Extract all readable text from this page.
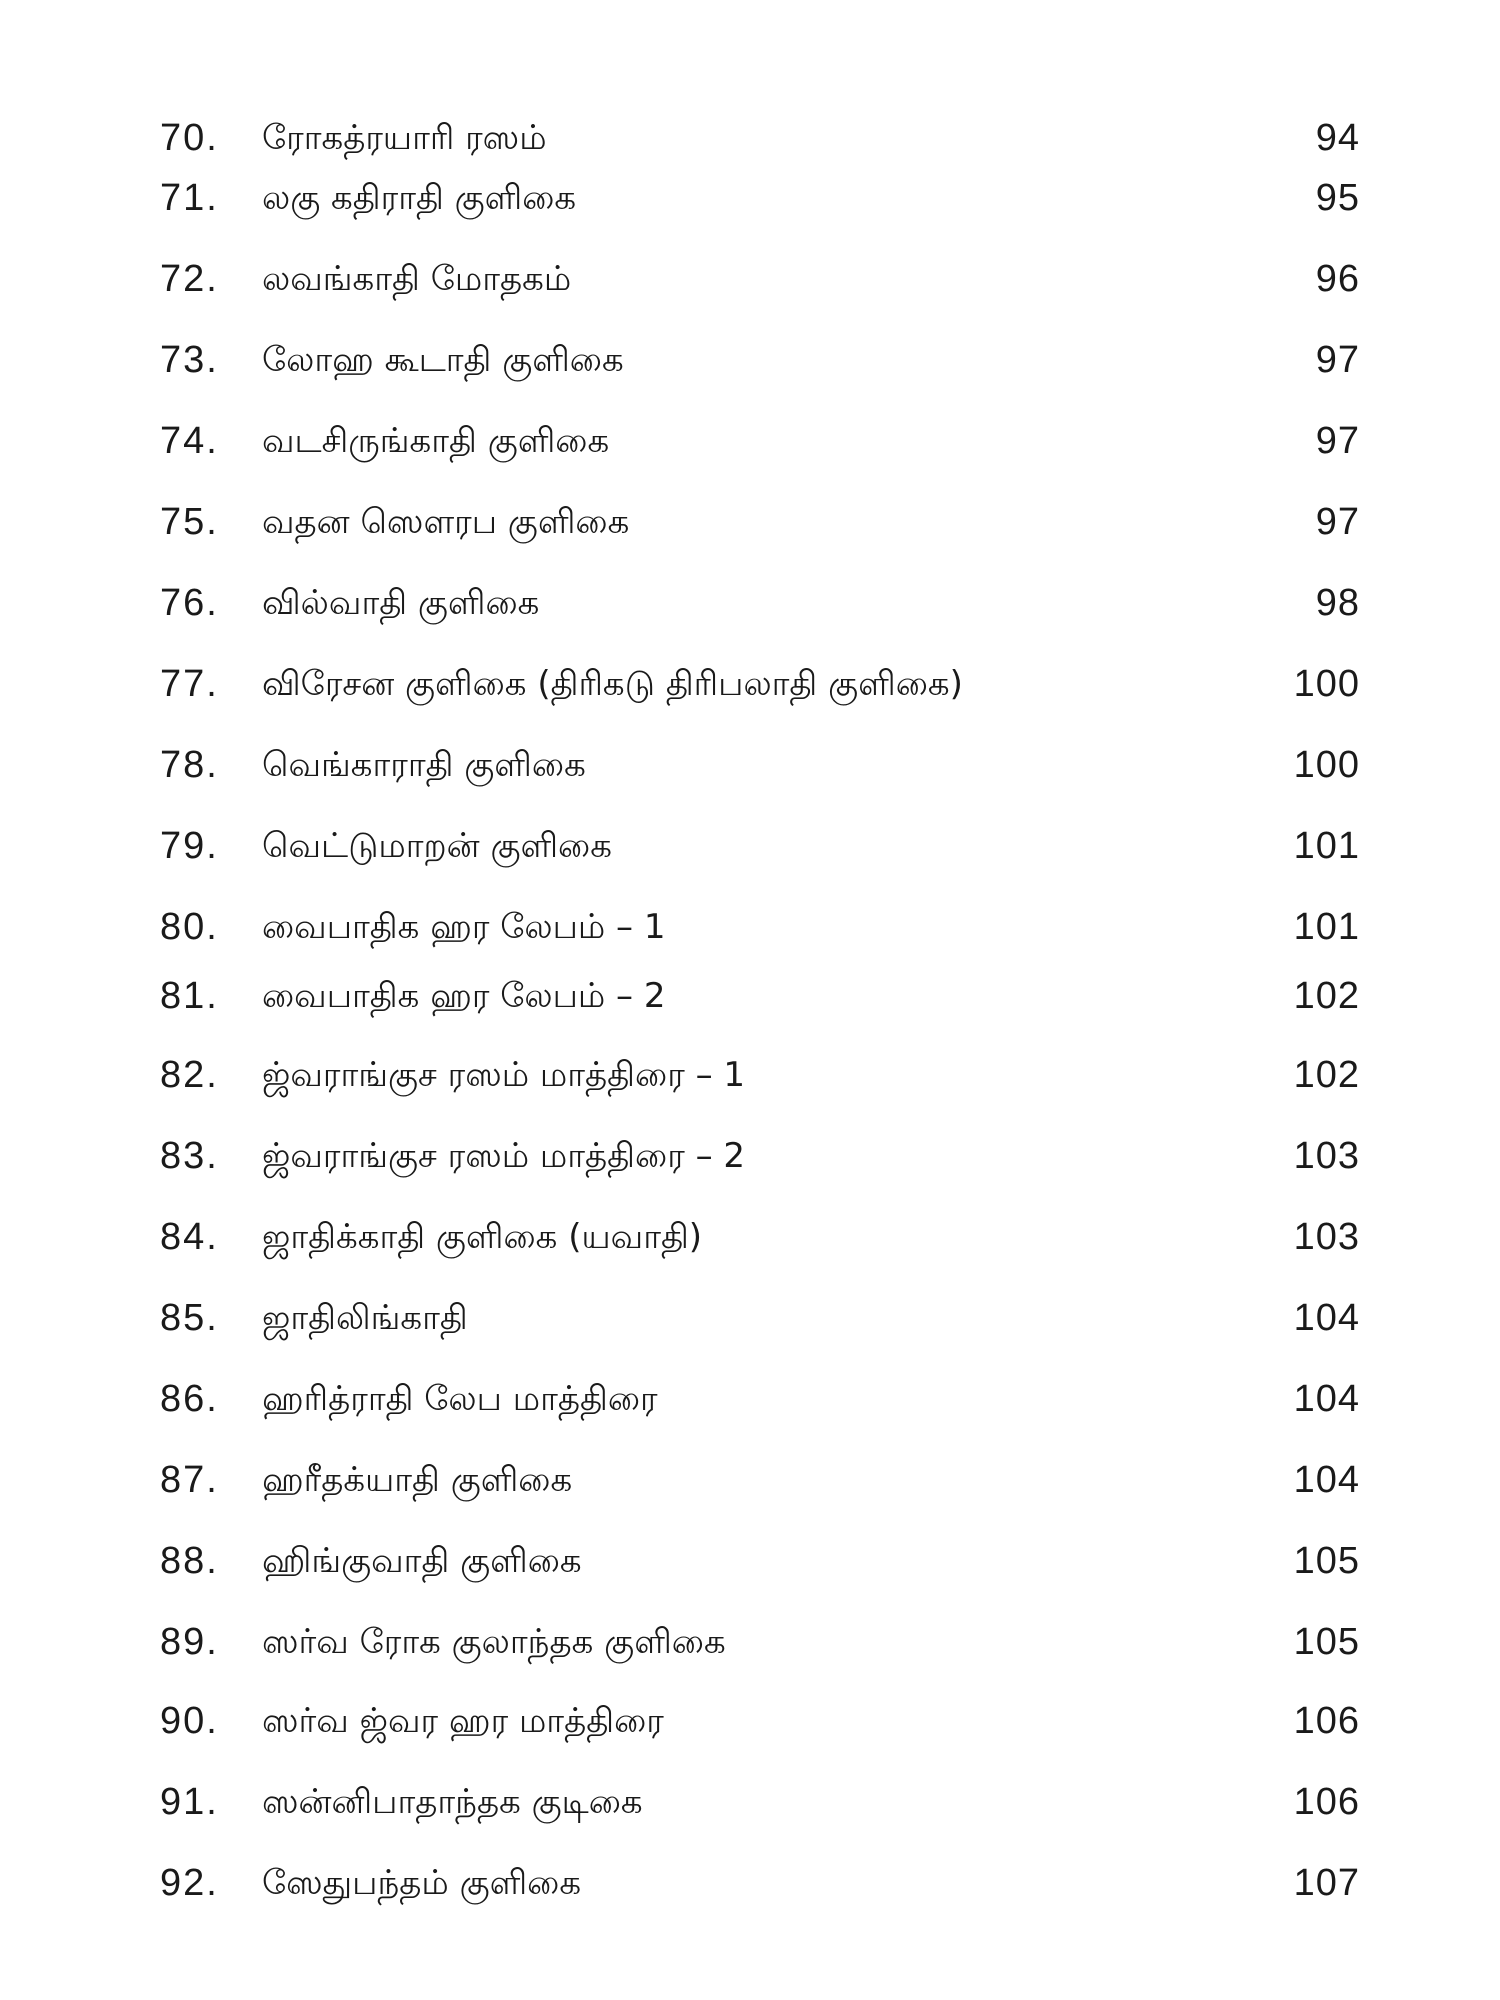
70.	ரோகத்ரயாரி ரஸம்	94
71.	லகு கதிராதி குளிகை	95
72.	லவங்காதி மோதகம்	96
73.	லோஹ கூடாதி குளிகை	97
74.	வடசிருங்காதி குளிகை	97
75.	வதன ஸௌரப குளிகை	97
76.	வில்வாதி குளிகை	98
77.	விரேசன குளிகை (திரிகடு திரிபலாதி குளிகை)	100
78.	வெங்காராதி குளிகை	100
79.	வெட்டுமாறன் குளிகை	101
80.	வைபாதிக ஹர லேபம் – 1	101
81.	வைபாதிக ஹர லேபம் – 2	102
82.	ஜ்வராங்குச ரஸம் மாத்திரை – 1	102
83.	ஜ்வராங்குச ரஸம் மாத்திரை – 2	103
84.	ஜாதிக்காதி குளிகை (யவாதி)	103
85.	ஜாதிலிங்காதி	104
86.	ஹரித்ராதி லேப மாத்திரை	104
87.	ஹரீதக்யாதி குளிகை	104
88.	ஹிங்குவாதி குளிகை	105
89.	ஸர்வ ரோக குலாந்தக குளிகை	105
90.	ஸர்வ ஜ்வர ஹர மாத்திரை	106
91.	ஸன்னிபாதாந்தக குடிகை	106
92.	ஸேதுபந்தம் குளிகை	107
